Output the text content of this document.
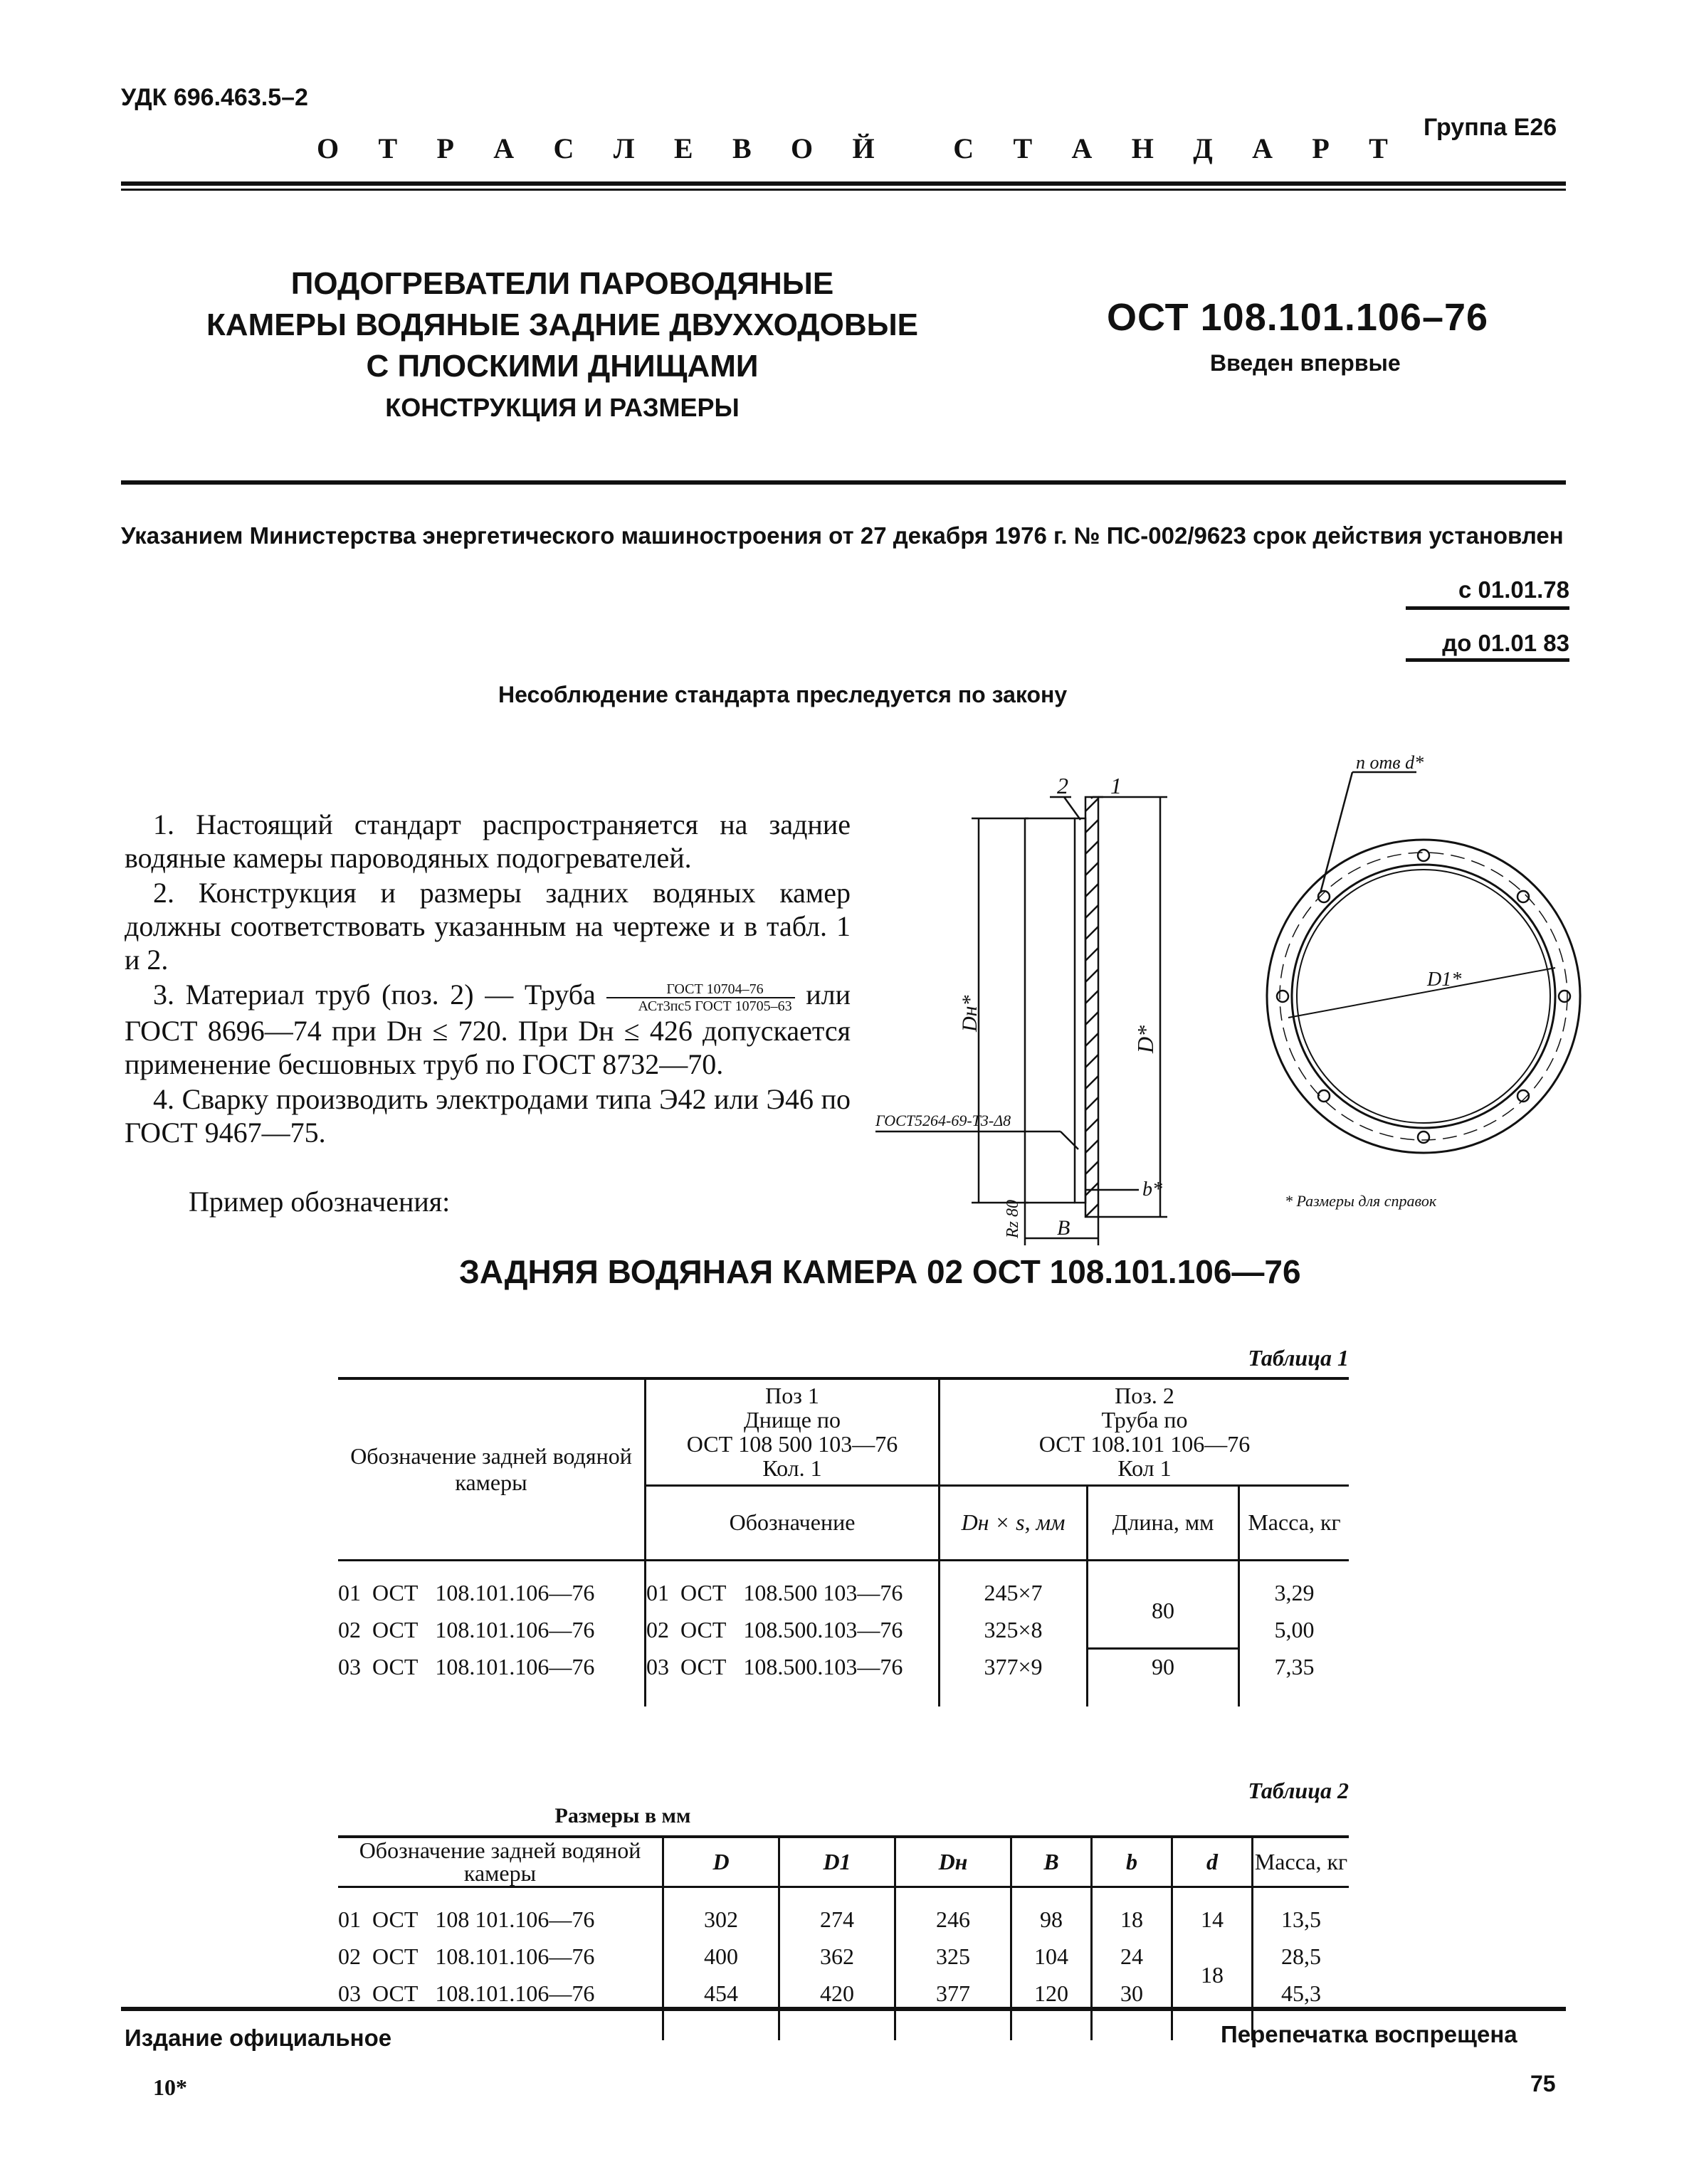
УДК 696.463.5–2
Группа Е26
О Т Р А С Л Е В О Й	С Т А Н Д А Р Т
ПОДОГРЕВАТЕЛИ ПАРОВОДЯНЫЕ
КАМЕРЫ ВОДЯНЫЕ ЗАДНИЕ ДВУХХОДОВЫЕ
С ПЛОСКИМИ ДНИЩАМИ
КОНСТРУКЦИЯ И РАЗМЕРЫ
ОСТ 108.101.106–76
Введен впервые
Указанием Министерства энергетического машиностроения от 27 декабря 1976 г. № ПС-002/9623 срок действия установлен
с 01.01.78
до 01.01 83
Несоблюдение стандарта преследуется по закону

1. Настоящий стандарт распространяется на задние водяные камеры пароводяных подогревателей.

2. Конструкция и размеры задних водяных камер должны соответствовать указанным на чертеже и в табл. 1 и 2.

3. Материал труб (поз. 2) — Труба $\frac{\text{ГОСТ 10704–76}}{\text{АСт3пс5 ГОСТ 10705–63}}$ или ГОСТ 8696—74 при Dн ≤ 720. При Dн ≤ 426 допускается применение бесшовных труб по ГОСТ 8732—70.

4. Сварку производить электродами типа Э42 или Э46 по ГОСТ 9467—75.

Пример обозначения:
ЗАДНЯЯ ВОДЯНАЯ КАМЕРА 02 ОСТ 108.101.106—76
Dн*
D*
2 1
ГОСТ5264-69-Т3-Δ8
В
b*
Rz 80
D1*
n отв d*
* Размеры для справок
Таблица 1
Обозначение задней водяной камеры	Поз 1
Днище по
ОСТ 108 500 103—76
Кол. 1	Поз. 2
Труба по
ОСТ 108.101 106—76
Кол 1		
	Обозначение	Dн × s, мм	Длина, мм	Масса, кг

01 ОСТ 108.101.106—76	01 ОСТ 108.500 103—76	245×7	80	3,29
02 ОСТ 108.101.106—76	02 ОСТ 108.500.103—76	325×8		5,00
03 ОСТ 108.101.106—76	03 ОСТ 108.500.103—76	377×9	90	7,35

Таблица 2
Размеры в мм
Обозначение задней водяной камеры	D	D1	Dн	B	b	d	Масса, кг

01 ОСТ 108 101.106—76	302	274	246	98	18	14	13,5
02 ОСТ 108.101.106—76	400	362	325	104	24	18	28,5
03 ОСТ 108.101.106—76	454	420	377	120	30		45,3

Издание официальное	Перепечатка воспрещена
10*	75
